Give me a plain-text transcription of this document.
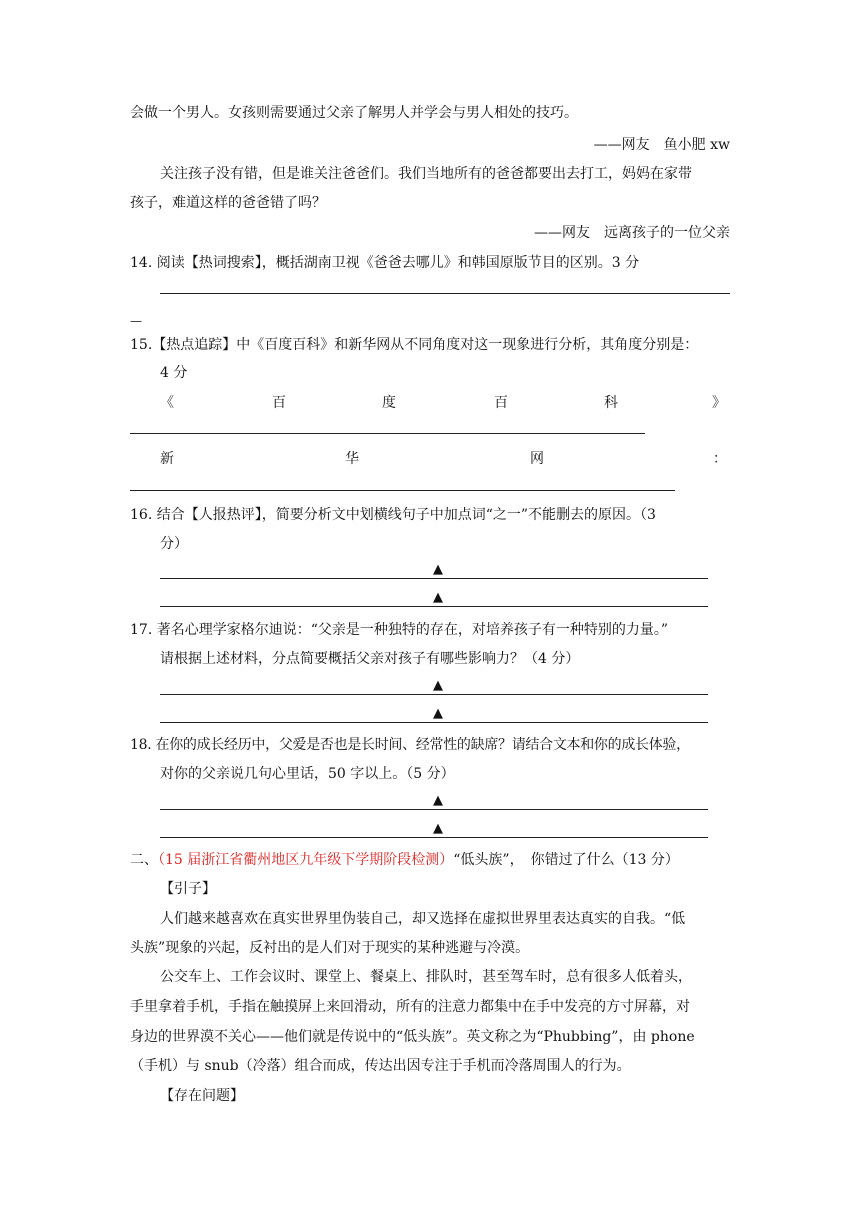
会做一个男人。女孩则需要通过父亲了解男人并学会与男人相处的技巧。
——网友　鱼小肥 xw
关注孩子没有错，但是谁关注爸爸们。我们当地所有的爸爸都要出去打工，妈妈在家带
孩子，难道这样的爸爸错了吗？
——网友　远离孩子的一位父亲
14. 阅读【热词搜索】，概括湖南卫视《爸爸去哪儿》和韩国原版节目的区别。3 分
—
15.【热点追踪】中《百度百科》和新华网从不同角度对这一现象进行分析，其角度分别是：
4 分
《	百	度	百	科	》
新	华	网	：
16. 结合【人报热评】，简要分析文中划横线句子中加点词“之一”不能删去的原因。（3
分）
▲
▲
17. 著名心理学家格尔迪说：“父亲是一种独特的存在，对培养孩子有一种特别的力量。”
请根据上述材料，分点简要概括父亲对孩子有哪些影响力？（4 分）
▲
▲
18. 在你的成长经历中，父爱是否也是长时间、经常性的缺席？请结合文本和你的成长体验，
对你的父亲说几句心里话，50 字以上。（5 分）
▲
▲
二、（15 届浙江省衢州地区九年级下学期阶段检测）“低头族”，　你错过了什么（13 分）
【引子】
人们越来越喜欢在真实世界里伪装自己，却又选择在虚拟世界里表达真实的自我。“低
头族”现象的兴起，反衬出的是人们对于现实的某种逃避与冷漠。
公交车上、工作会议时、课堂上、餐桌上、排队时，甚至驾车时，总有很多人低着头，
手里拿着手机，手指在触摸屏上来回滑动，所有的注意力都集中在手中发亮的方寸屏幕，对
身边的世界漠不关心——他们就是传说中的“低头族”。英文称之为“Phubbing”，由 phone
（手机）与 snub（冷落）组合而成，传达出因专注于手机而冷落周围人的行为。
【存在问题】
